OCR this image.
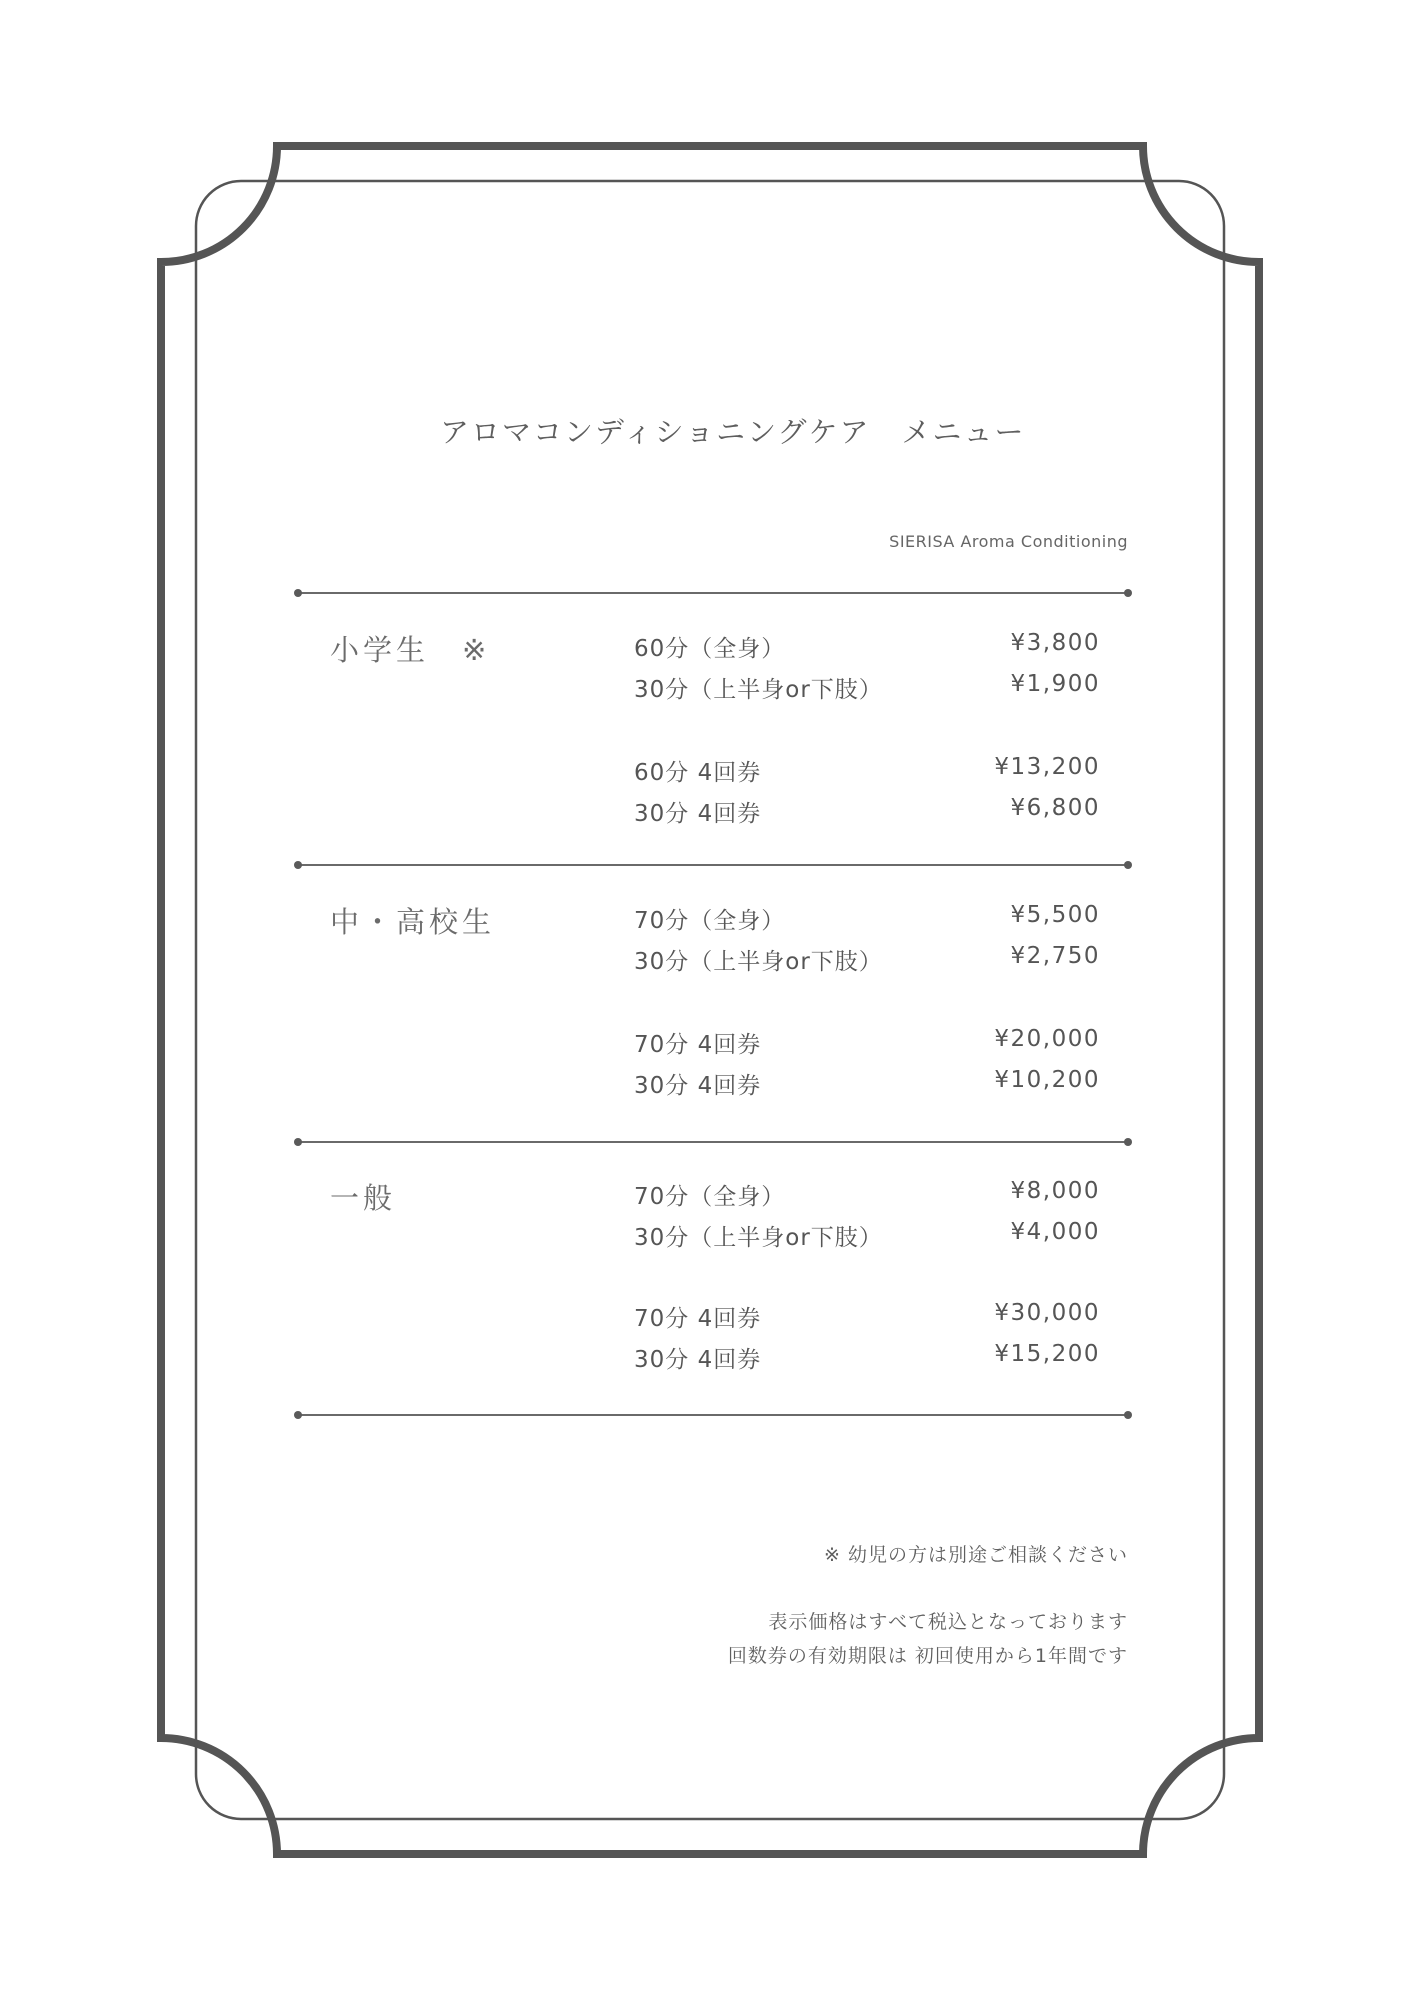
アロマコンディショニングケア　メニュー
SIERISA Aroma Conditioning
小学生　※	60分（全身）	¥3,800
30分（上半身or下肢）	¥1,900
60分 4回券	¥13,200
30分 4回券	¥6,800
中・高校生	70分（全身）	¥5,500
30分（上半身or下肢）	¥2,750
70分 4回券	¥20,000
30分 4回券	¥10,200
一般	70分（全身）	¥8,000
30分（上半身or下肢）	¥4,000
70分 4回券	¥30,000
30分 4回券	¥15,200
※ 幼児の方は別途ご相談ください
表示価格はすべて税込となっております
回数券の有効期限は 初回使用から1年間です
